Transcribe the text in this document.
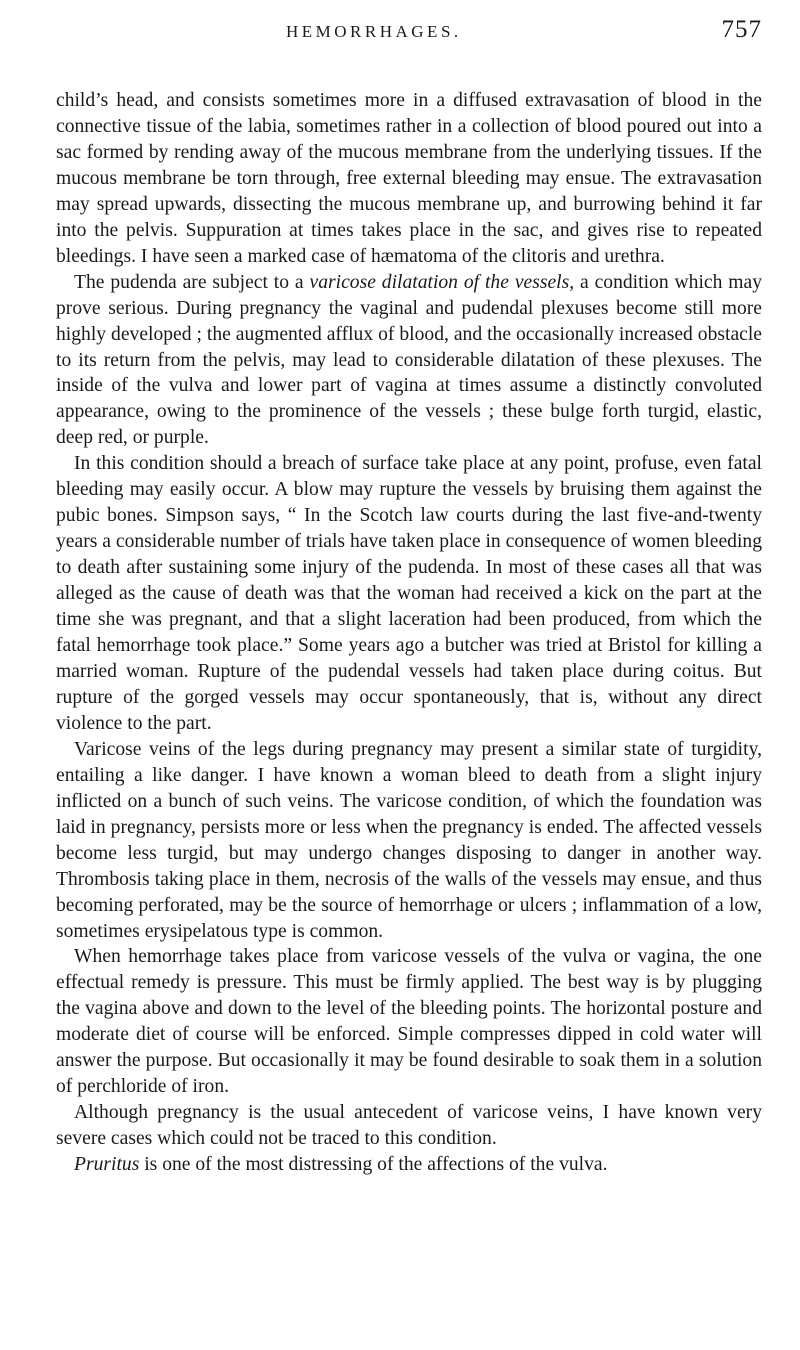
HEMORRHAGES.	757

child’s head, and consists sometimes more in a diffused extravasation of blood in the connective tissue of the labia, sometimes rather in a collection of blood poured out into a sac formed by rending away of the mucous membrane from the underlying tissues. If the mucous membrane be torn through, free external bleeding may ensue. The extravasation may spread upwards, dissecting the mucous membrane up, and burrowing behind it far into the pelvis. Suppuration at times takes place in the sac, and gives rise to repeated bleedings. I have seen a marked case of hæmatoma of the clitoris and urethra.

The pudenda are subject to a varicose dilatation of the vessels, a condition which may prove serious. During pregnancy the vaginal and pudendal plexuses become still more highly developed ; the augmented afflux of blood, and the occasionally increased obstacle to its return from the pelvis, may lead to considerable dilatation of these plexuses. The inside of the vulva and lower part of vagina at times assume a distinctly convoluted appearance, owing to the prominence of the vessels ; these bulge forth turgid, elastic, deep red, or purple.

In this condition should a breach of surface take place at any point, profuse, even fatal bleeding may easily occur. A blow may rupture the vessels by bruising them against the pubic bones. Simpson says, “ In the Scotch law courts during the last five-and-twenty years a considerable number of trials have taken place in consequence of women bleeding to death after sustaining some injury of the pudenda. In most of these cases all that was alleged as the cause of death was that the woman had received a kick on the part at the time she was pregnant, and that a slight laceration had been produced, from which the fatal hemorrhage took place.” Some years ago a butcher was tried at Bristol for killing a married woman. Rupture of the pudendal vessels had taken place during coitus. But rupture of the gorged vessels may occur spontaneously, that is, without any direct violence to the part.

Varicose veins of the legs during pregnancy may present a similar state of turgidity, entailing a like danger. I have known a woman bleed to death from a slight injury inflicted on a bunch of such veins. The varicose condition, of which the foundation was laid in pregnancy, persists more or less when the pregnancy is ended. The affected vessels become less turgid, but may undergo changes disposing to danger in another way. Thrombosis taking place in them, necrosis of the walls of the vessels may ensue, and thus becoming perforated, may be the source of hemorrhage or ulcers ; inflammation of a low, sometimes erysipelatous type is common.

When hemorrhage takes place from varicose vessels of the vulva or vagina, the one effectual remedy is pressure. This must be firmly applied. The best way is by plugging the vagina above and down to the level of the bleeding points. The horizontal posture and moderate diet of course will be enforced. Simple compresses dipped in cold water will answer the purpose. But occasionally it may be found desirable to soak them in a solution of perchloride of iron.

Although pregnancy is the usual antecedent of varicose veins, I have known very severe cases which could not be traced to this condition.

Pruritus is one of the most distressing of the affections of the vulva.
